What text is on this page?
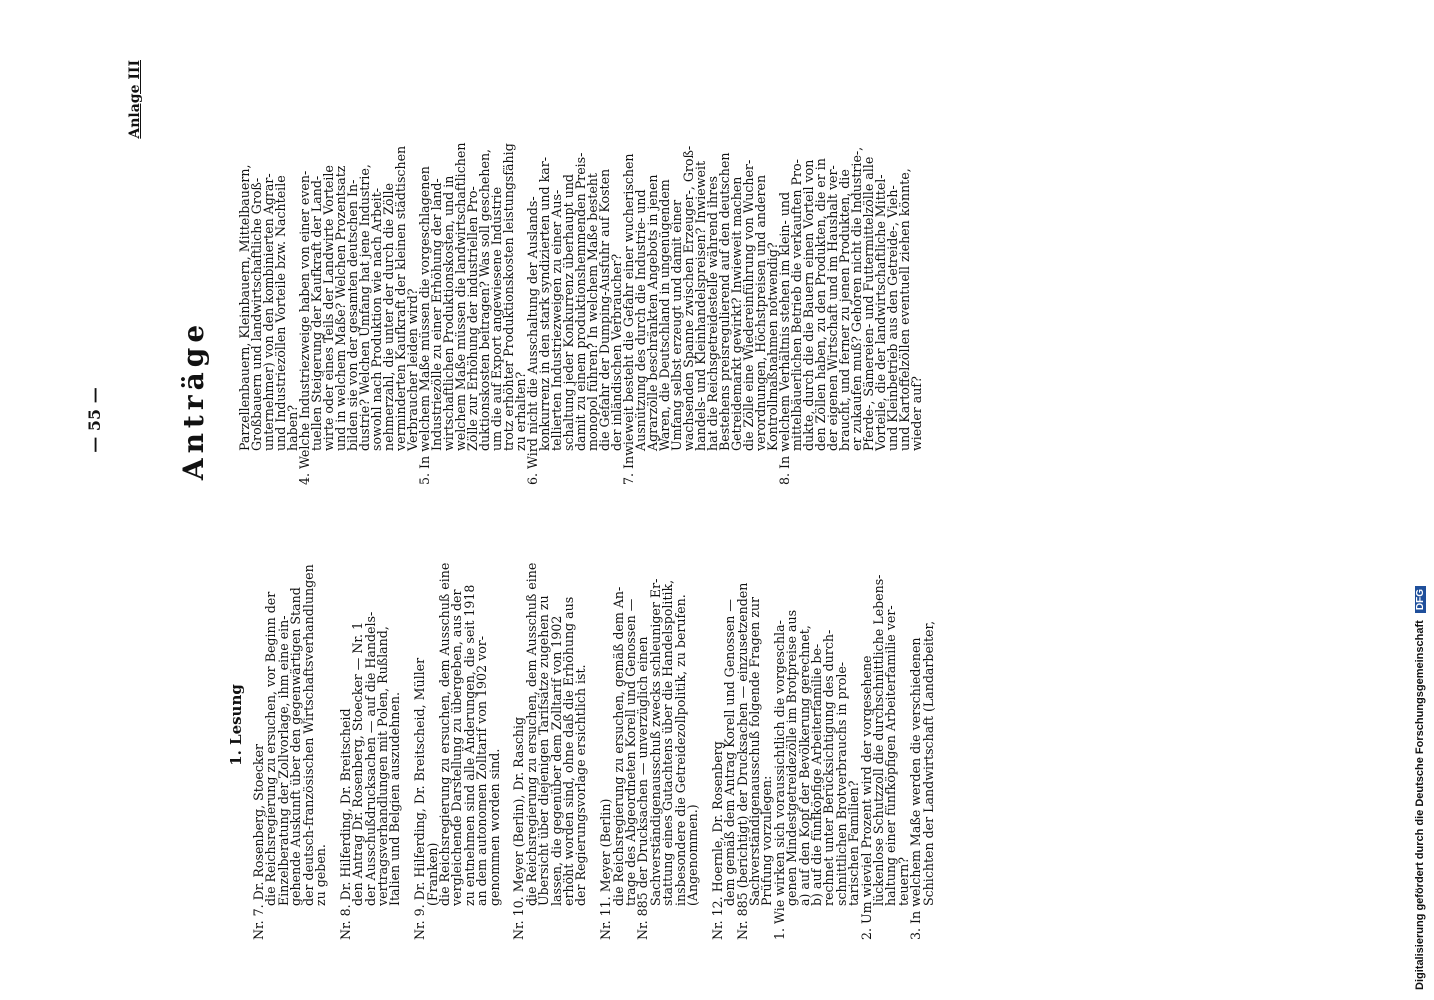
— 55 —
Anlage III
Anträge
1. Lesung
Nr. 7. Dr. Rosenberg, Stoecker
die Reichsregierung zu ersuchen, vor Beginn der
Einzelberatung der Zollvorlage, ihm eine ein-
gehende Auskunft über den gegenwärtigen Stand
der deutsch-französischen Wirtschaftsverhandlungen
zu geben. Nr. 8. Dr. Hilferding, Dr. Breitscheid
den Antrag Dr. Rosenberg, Stoecker — Nr. 1
der Ausschußdrucksachen — auf die Handels-
vertragsverhandlungen mit Polen, Rußland,
Italien und Belgien auszudehnen. Nr. 9. Dr. Hilferding, Dr. Breitscheid, Müller
(Franken)
die Reichsregierung zu ersuchen, dem Ausschuß eine
vergleichende Darstellung zu übergeben, aus der
zu entnehmen sind alle Änderungen, die seit 1918
an dem autonomen Zolltarif von 1902 vor-
genommen worden sind. Nr. 10. Meyer (Berlin), Dr. Raschig
die Reichsregierung zu ersuchen, dem Ausschuß eine
Übersicht über diejenigen Tarifsätze zugehen zu
lassen, die gegenüber dem Zolltarif von 1902
erhöht worden sind, ohne daß die Erhöhung aus
der Regierungsvorlage ersichtlich ist. Nr. 11. Meyer (Berlin)
die Reichsregierung zu ersuchen, gemäß dem An-
trage des Abgeordneten Korell und Genossen —
Nr. 885 der Drucksachen — unverzüglich einen
Sachverständigenausschuß zwecks schleuniger Er-
stattung eines Gutachtens über die Handelspolitik,
insbesondere die Getreidezollpolitik, zu berufen.
(Angenommen.) Nr. 12. Hoernle, Dr. Rosenberg
dem gemäß dem Antrag Korell und Genossen —
Nr. 885 (berichtigt) der Drucksachen — einzusetzenden
Sachverständigenausschuß folgende Fragen zur
Prüfung vorzulegen:
1. Wie wirken sich voraussichtlich die vorgeschla-
genen Mindestgetreidezölle im Brotpreise aus
a) auf den Kopf der Bevölkerung gerechnet,
b) auf die fünfköpfige Arbeiterfamilie be-
rechnet unter Berücksichtigung des durch-
schnittlichen Brotverbrauchs in prole-
tarischen Familien?
2. Um wieviel Prozent wird der vorgesehene
lückenlose Schutzzoll die durchschnittliche Lebens-
haltung einer fünfköpfigen Arbeiterfamilie ver-
teuern?
3. In welchem Maße werden die verschiedenen
Schichten der Landwirtschaft (Landarbeiter,
Parzellenbauern, Kleinbauern, Mittelbauern,
Großbauern und landwirtschaftliche Groß-
unternehmer) von den kombinierten Agrar-
und Industriezöllen Vorteile bzw. Nachteile
haben?
4. Welche Industriezweige haben von einer even-
tuellen Steigerung der Kaufkraft der Land-
wirte oder eines Teils der Landwirte Vorteile
und in welchem Maße? Welchen Prozentsatz
bilden sie von der gesamten deutschen In-
dustrie? Welchen Umfang hat jene Industrie,
sowohl nach Produktion wie nach Arbeit-
nehmerzahl, die unter der durch die Zölle
verminderten Kaufkraft der kleinen städtischen
Verbraucher leiden wird?
5. In welchem Maße müssen die vorgeschlagenen
Industriezölle zu einer Erhöhung der land-
wirtschaftlichen Produktionskosten, und in
welchem Maße müssen die landwirtschaftlichen
Zölle zur Erhöhung der industriellen Pro-
duktionskosten beitragen? Was soll geschehen,
um die auf Export angewiesene Industrie
trotz erhöhter Produktionskosten leistungsfähig
zu erhalten?
6. Wird nicht die Ausschaltung der Auslands-
konkurrenz in den stark syndizierten und kar-
tellierten Industriezweigen zu einer Aus-
schaltung jeder Konkurrenz überhaupt und
damit zu einem produktionshemmenden Preis-
monopol führen? In welchem Maße besteht
die Gefahr der Dumping-Ausfuhr auf Kosten
der inländischen Verbraucher?
7. Inwieweit besteht die Gefahr einer wucherischen
Ausnützung des durch die Industrie- und
Agrarzölle beschränkten Angebots in jenen
Waren, die Deutschland in ungenügendem
Umfang selbst erzeugt und damit einer
wachsenden Spanne zwischen Erzeuger-, Groß-
handels- und Kleinhandelspreisen? Inwieweit
hat die Reichsgetreidestelle während ihres
Bestehens preisregulierend auf den deutschen
Getreidemarkt gewirkt? Inwieweit machen
die Zölle eine Wiedereinführung von Wucher-
verordnungen, Höchstpreisen und anderen
Kontrollmaßnahmen notwendig?
8. In welchem Verhältnis stehen im klein- und
mittelbäuerlichen Betrieb die verkauften Pro-
dukte, durch die die Bauern einen Vorteil von
den Zöllen haben, zu den Produkten, die er in
der eigenen Wirtschaft und im Haushalt ver-
braucht, und ferner zu jenen Produkten, die
er zukaufen muß? Gehören nicht die Industrie-,
Pferde-, Sämereien- und Futtermittelzölle alle
Vorteile, die der landwirtschaftliche Mittel-
und Kleinbetrieb aus den Getreide-, Vieh-
und Kartoffelzöllen eventuell ziehen könnte,
wieder auf?
Digitalisierung gefördert durch die Deutsche Forschungsgemeinschaft DFG
